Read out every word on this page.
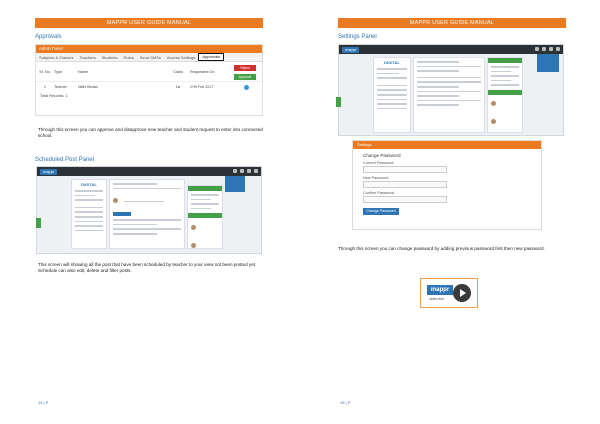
MAPPR USER GUIDE MANUAL
Approvals
14 | P
Admin Panel
Subjects & Classes	Teachers	Students	Roles	Send SMSs	Access Settings	Approvals
Sr. No. Type	Name	Class	Requested On
Reject
Approve
1	Teacher	Nidhi Bedad	1st	27th Feb 2017
Total Records: 1
Through this screen you can approve and disapprove new teacher and student request to enter into connected school.
Scheduled Post Panel
mappr
DIGITAL

This screen will showing all the post that have been scheduled by teacher to your view not been posted yet. Schedule can also edit, delete and filter posts.
MAPPR USER GUIDE MANUAL
Settings Panel
15 | P
mappr
DIGITAL

Settings
Change Password
Current Password
New Password
Confirm Password
Change Password
Through this screen you can change password by adding previous password first then new password.
mappr
video link
